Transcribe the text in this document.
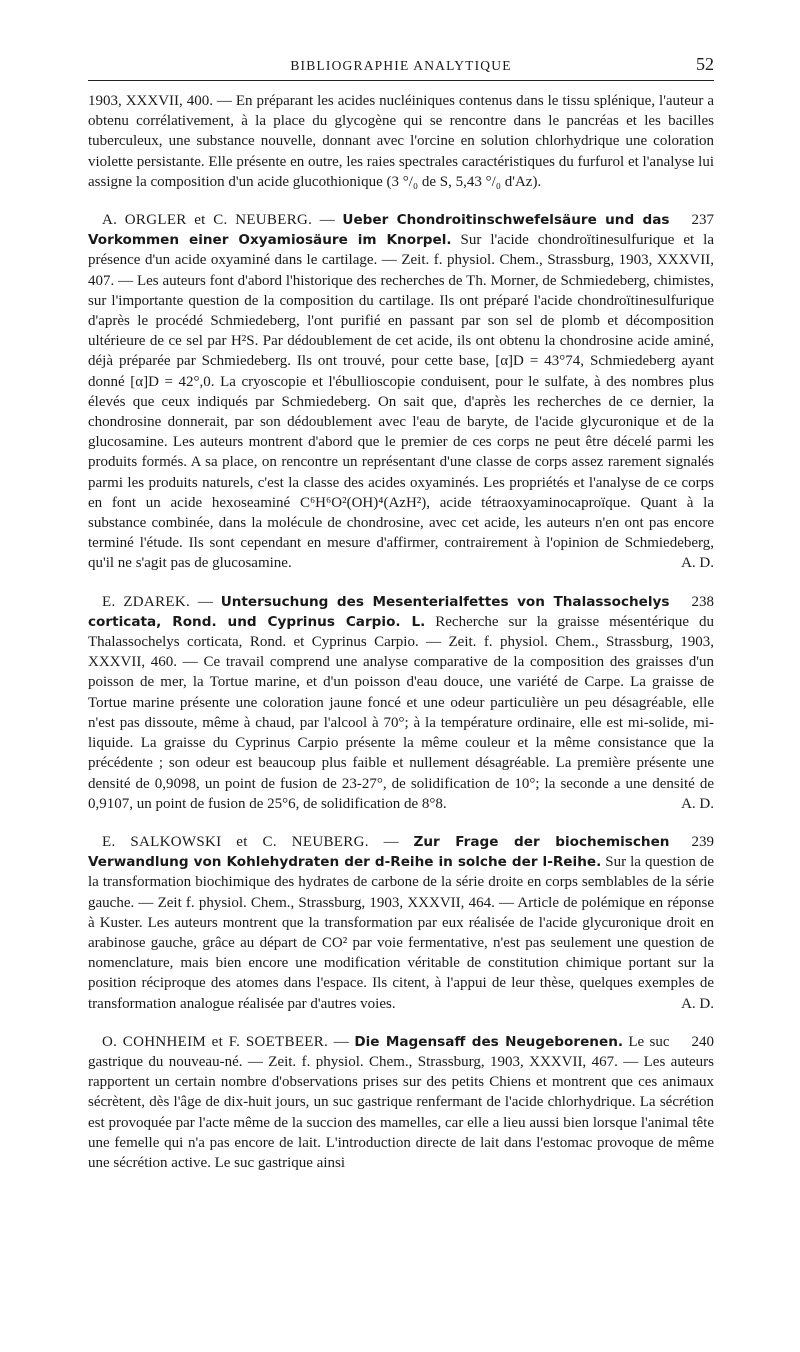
BIBLIOGRAPHIE ANALYTIQUE	52

1903, XXXVII, 400. — En préparant les acides nucléiniques contenus dans le tissu splénique, l'auteur a obtenu corrélativement, à la place du glycogène qui se rencontre dans le pancréas et les bacilles tuberculeux, une substance nouvelle, donnant avec l'orcine en solution chlorhydrique une coloration violette persistante. Elle présente en outre, les raies spectrales caractéristiques du furfurol et l'analyse lui assigne la composition d'un acide glucothionique (3 °/₀ de S, 5,43 °/₀ d'Az).

237
A. ORGLER et C. NEUBERG. — Ueber Chondroitinschwefelsäure und das Vorkommen einer Oxyamiosäure im Knorpel. Sur l'acide chondroïtinesulfurique et la présence d'un acide oxyaminé dans le cartilage. — Zeit. f. physiol. Chem., Strassburg, 1903, XXXVII, 407. — Les auteurs font d'abord l'historique des recherches de Th. Morner, de Schmiedeberg, chimistes, sur l'importante question de la composition du cartilage. Ils ont préparé l'acide chondroïtinesulfurique d'après le procédé Schmiedeberg, l'ont purifié en passant par son sel de plomb et décomposition ultérieure de ce sel par H²S. Par dédoublement de cet acide, ils ont obtenu la chondrosine acide aminé, déjà préparée par Schmiedeberg. Ils ont trouvé, pour cette base, [α]D = 43°74, Schmiedeberg ayant donné [α]D = 42°,0. La cryoscopie et l'ébullioscopie conduisent, pour le sulfate, à des nombres plus élevés que ceux indiqués par Schmiedeberg. On sait que, d'après les recherches de ce dernier, la chondrosine donnerait, par son dédoublement avec l'eau de baryte, de l'acide glycuronique et de la glucosamine. Les auteurs montrent d'abord que le premier de ces corps ne peut être décelé parmi les produits formés. A sa place, on rencontre un représentant d'une classe de corps assez rarement signalés parmi les produits naturels, c'est la classe des acides oxyaminés. Les propriétés et l'analyse de ce corps en font un acide hexoseaminé C⁶H⁶O²(OH)⁴(AzH²), acide tétraoxyaminocaproïque. Quant à la substance combinée, dans la molécule de chondrosine, avec cet acide, les auteurs n'en ont pas encore terminé l'étude. Ils sont cependant en mesure d'affirmer, contrairement à l'opinion de Schmiedeberg, qu'il ne s'agit pas de glucosamine.	A. D.

238
E. ZDAREK. — Untersuchung des Mesenterialfettes von Thalassochelys corticata, Rond. und Cyprinus Carpio. L. Recherche sur la graisse mésentérique du Thalassochelys corticata, Rond. et Cyprinus Carpio. — Zeit. f. physiol. Chem., Strassburg, 1903, XXXVII, 460. — Ce travail comprend une analyse comparative de la composition des graisses d'un poisson de mer, la Tortue marine, et d'un poisson d'eau douce, une variété de Carpe. La graisse de Tortue marine présente une coloration jaune foncé et une odeur particulière un peu désagréable, elle n'est pas dissoute, même à chaud, par l'alcool à 70°; à la température ordinaire, elle est mi-solide, mi-liquide. La graisse du Cyprinus Carpio présente la même couleur et la même consistance que la précédente ; son odeur est beaucoup plus faible et nullement désagréable. La première présente une densité de 0,9098, un point de fusion de 23-27°, de solidification de 10°; la seconde a une densité de 0,9107, un point de fusion de 25°6, de solidification de 8°8.	A. D.

239
E. SALKOWSKI et C. NEUBERG. — Zur Frage der biochemischen Verwandlung von Kohlehydraten der d-Reihe in solche der l-Reihe. Sur la question de la transformation biochimique des hydrates de carbone de la série droite en corps semblables de la série gauche. — Zeit f. physiol. Chem., Strassburg, 1903, XXXVII, 464. — Article de polémique en réponse à Kuster. Les auteurs montrent que la transformation par eux réalisée de l'acide glycuronique droit en arabinose gauche, grâce au départ de CO² par voie fermentative, n'est pas seulement une question de nomenclature, mais bien encore une modification véritable de constitution chimique portant sur la position réciproque des atomes dans l'espace. Ils citent, à l'appui de leur thèse, quelques exemples de transformation analogue réalisée par d'autres voies.	A. D.

240
O. COHNHEIM et F. SOETBEER. — Die Magensaff des Neugeborenen. Le suc gastrique du nouveau-né. — Zeit. f. physiol. Chem., Strassburg, 1903, XXXVII, 467. — Les auteurs rapportent un certain nombre d'observations prises sur des petits Chiens et montrent que ces animaux sécrètent, dès l'âge de dix-huit jours, un suc gastrique renfermant de l'acide chlorhydrique. La sécrétion est provoquée par l'acte même de la succion des mamelles, car elle a lieu aussi bien lorsque l'animal tête une femelle qui n'a pas encore de lait. L'introduction directe de lait dans l'estomac provoque de même une sécrétion active. Le suc gastrique ainsi
